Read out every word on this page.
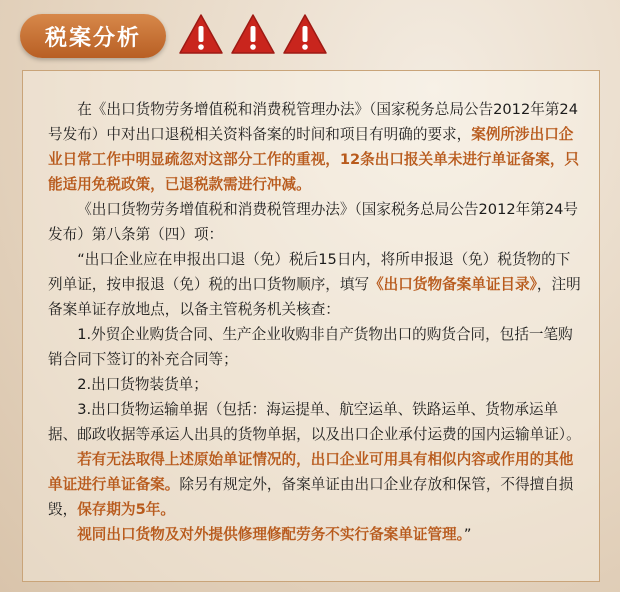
税案分析

在《出口货物劳务增值税和消费税管理办法》（国家税务总局公告2012年第24号发布）中对出口退税相关资料备案的时间和项目有明确的要求，案例所涉出口企业日常工作中明显疏忽对这部分工作的重视，12条出口报关单未进行单证备案，只能适用免税政策，已退税款需进行冲减。

《出口货物劳务增值税和消费税管理办法》（国家税务总局公告2012年第24号发布）第八条第（四）项：

“出口企业应在申报出口退（免）税后15日内，将所申报退（免）税货物的下列单证，按申报退（免）税的出口货物顺序，填写《出口货物备案单证目录》，注明备案单证存放地点，以备主管税务机关核查：

1.外贸企业购货合同、生产企业收购非自产货物出口的购货合同，包括一笔购销合同下签订的补充合同等；

2.出口货物装货单；

3.出口货物运输单据（包括：海运提单、航空运单、铁路运单、货物承运单据、邮政收据等承运人出具的货物单据，以及出口企业承付运费的国内运输单证）。

若有无法取得上述原始单证情况的，出口企业可用具有相似内容或作用的其他单证进行单证备案。除另有规定外，备案单证由出口企业存放和保管，不得擅自损毁，保存期为5年。

视同出口货物及对外提供修理修配劳务不实行备案单证管理。”
